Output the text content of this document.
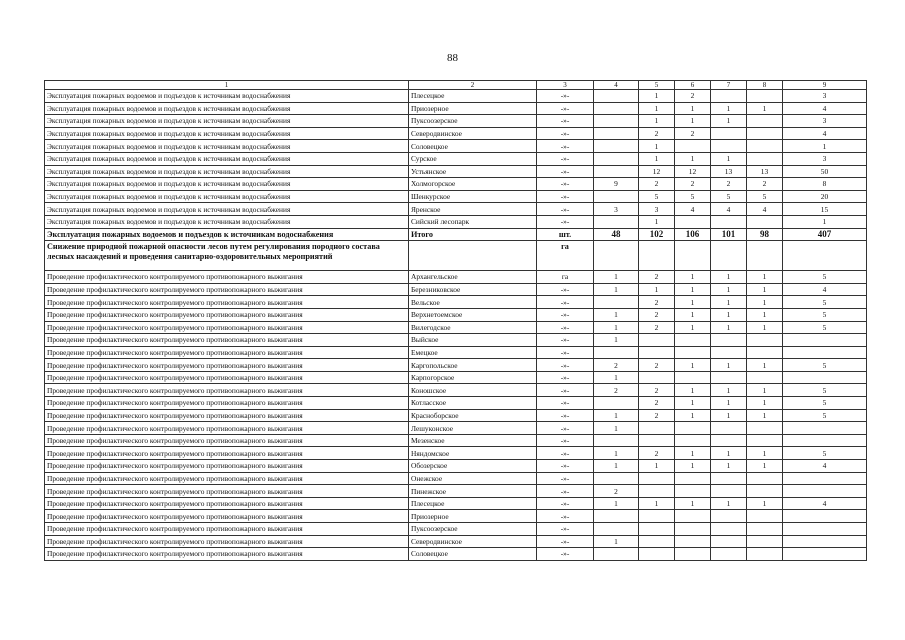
88
1	2	3	4	5	6	7	8	9
Эксплуатация пожарных водоемов и подъездов к источникам водоснабжения	Плесецкое	-»-		1	2			3
Эксплуатация пожарных водоемов и подъездов к источникам водоснабжения	Приозерное	-»-		1	1	1	1	4
Эксплуатация пожарных водоемов и подъездов к источникам водоснабжения	Пуксоозерское	-»-		1	1	1		3
Эксплуатация пожарных водоемов и подъездов к источникам водоснабжения	Северодвинское	-»-		2	2			4
Эксплуатация пожарных водоемов и подъездов к источникам водоснабжения	Соловецкое	-»-		1				1
Эксплуатация пожарных водоемов и подъездов к источникам водоснабжения	Сурское	-»-		1	1	1		3
Эксплуатация пожарных водоемов и подъездов к источникам водоснабжения	Устьянское	-»-		12	12	13	13	50
Эксплуатация пожарных водоемов и подъездов к источникам водоснабжения	Холмогорское	-»-	9	2	2	2	2	8
Эксплуатация пожарных водоемов и подъездов к источникам водоснабжения	Шенкурское	-»-		5	5	5	5	20
Эксплуатация пожарных водоемов и подъездов к источникам водоснабжения	Яренское	-»-	3	3	4	4	4	15
Эксплуатация пожарных водоемов и подъездов к источникам водоснабжения	Сийский лесопарк	-»-		1				1
Эксплуатация пожарных водоемов и подъездов к источникам водоснабжения	Итого	шт.	48	102	106	101	98	407
Снижение природной пожарной опасности лесов путем регулирования породного состава лесных насаждений и проведения санитарно-оздоровительных мероприятий		га						
Проведение профилактического контролируемого противопожарного выжигания	Архангельское	га	1	2	1	1	1	5
Проведение профилактического контролируемого противопожарного выжигания	Березниковское	-»-	1	1	1	1	1	4
Проведение профилактического контролируемого противопожарного выжигания	Вельское	-»-		2	1	1	1	5
Проведение профилактического контролируемого противопожарного выжигания	Верхнетоемское	-»-	1	2	1	1	1	5
Проведение профилактического контролируемого противопожарного выжигания	Вилегодское	-»-	1	2	1	1	1	5
Проведение профилактического контролируемого противопожарного выжигания	Выйское	-»-	1					
Проведение профилактического контролируемого противопожарного выжигания	Емецкое	-»-						
Проведение профилактического контролируемого противопожарного выжигания	Каргопольское	-»-	2	2	1	1	1	5
Проведение профилактического контролируемого противопожарного выжигания	Карпогорское	-»-	1					
Проведение профилактического контролируемого противопожарного выжигания	Коношское	-»-	2	2	1	1	1	5
Проведение профилактического контролируемого противопожарного выжигания	Котласское	-»-		2	1	1	1	5
Проведение профилактического контролируемого противопожарного выжигания	Красноборское	-»-	1	2	1	1	1	5
Проведение профилактического контролируемого противопожарного выжигания	Лешуконское	-»-	1					
Проведение профилактического контролируемого противопожарного выжигания	Мезенское	-»-						
Проведение профилактического контролируемого противопожарного выжигания	Няндомское	-»-	1	2	1	1	1	5
Проведение профилактического контролируемого противопожарного выжигания	Обозерское	-»-	1	1	1	1	1	4
Проведение профилактического контролируемого противопожарного выжигания	Онежское	-»-						
Проведение профилактического контролируемого противопожарного выжигания	Пинежское	-»-	2					
Проведение профилактического контролируемого противопожарного выжигания	Плесецкое	-»-	1	1	1	1	1	4
Проведение профилактического контролируемого противопожарного выжигания	Приозерное	-»-						
Проведение профилактического контролируемого противопожарного выжигания	Пуксоозерское	-»-						
Проведение профилактического контролируемого противопожарного выжигания	Северодвинское	-»-	1					
Проведение профилактического контролируемого противопожарного выжигания	Соловецкое	-»-						
